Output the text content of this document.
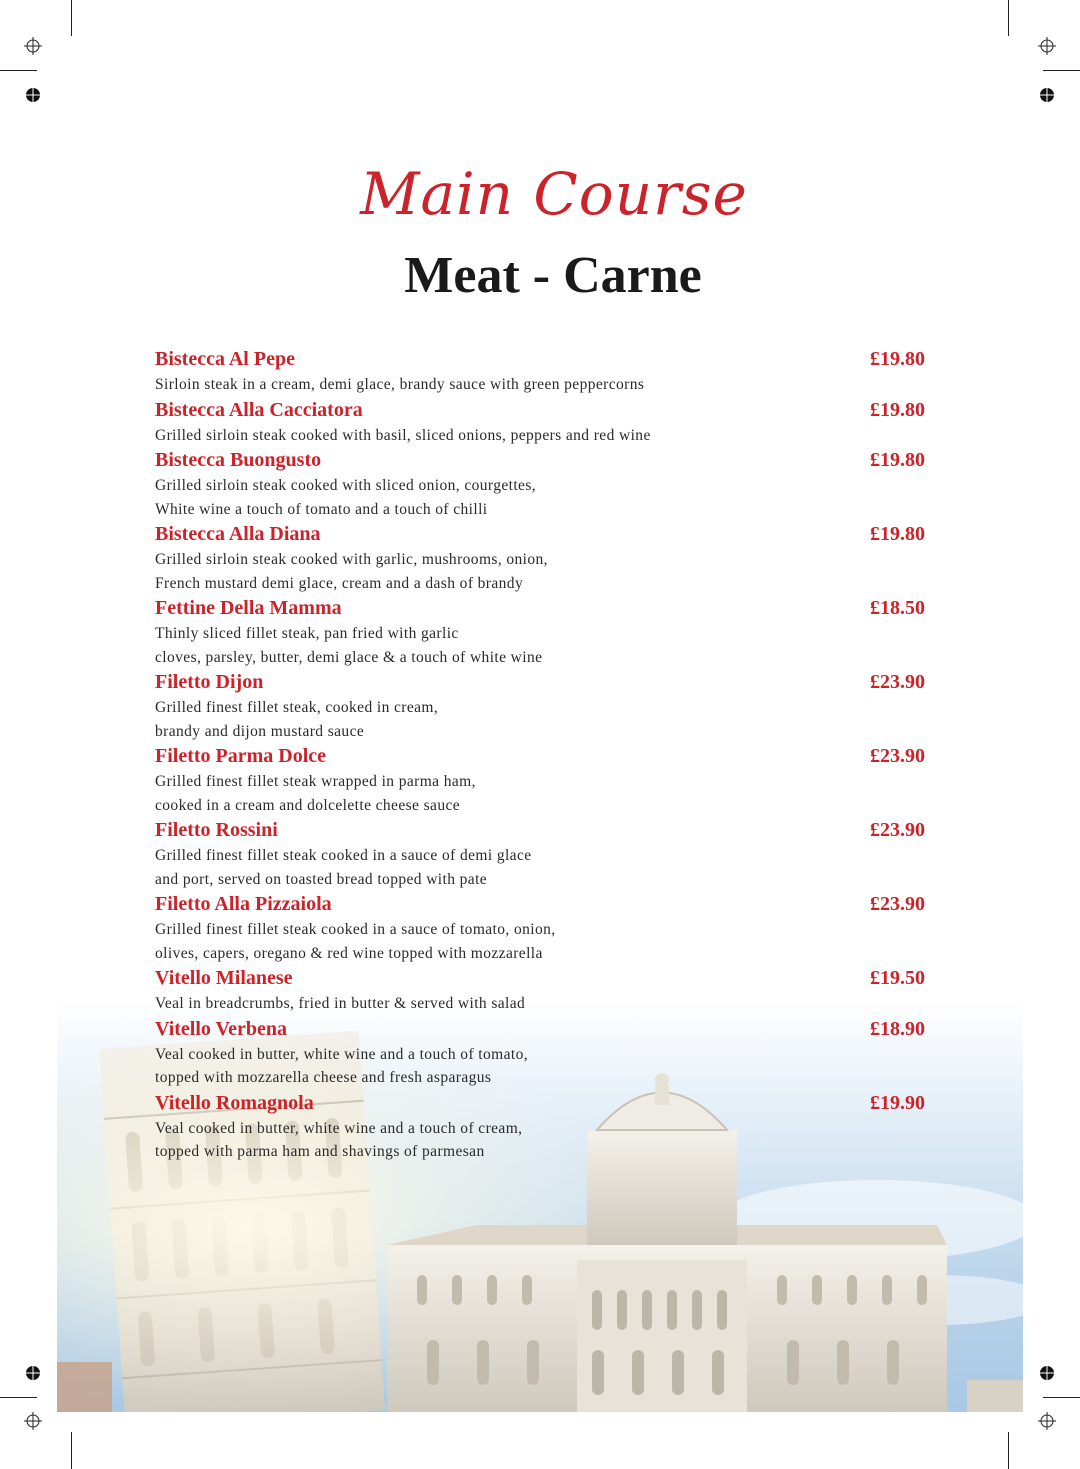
Main Course
Meat - Carne
Bistecca Al Pepe	£19.80
Sirloin steak in a cream, demi glace, brandy sauce with green peppercorns
Bistecca Alla Cacciatora	£19.80
Grilled sirloin steak cooked with basil, sliced onions, peppers and red wine
Bistecca Buongusto	£19.80
Grilled sirloin steak cooked with sliced onion, courgettes,
White wine a touch of tomato and a touch of chilli
Bistecca Alla Diana	£19.80
Grilled sirloin steak cooked with garlic, mushrooms, onion,
French mustard demi glace, cream and a dash of brandy
Fettine Della Mamma	£18.50
Thinly sliced fillet steak, pan fried with garlic
cloves, parsley, butter, demi glace & a touch of white wine
Filetto Dijon	£23.90
Grilled finest fillet steak, cooked in cream,
brandy and dijon mustard sauce
Filetto Parma Dolce	£23.90
Grilled finest fillet steak wrapped in parma ham,
cooked in a cream and dolcelette cheese sauce
Filetto Rossini	£23.90
Grilled finest fillet steak cooked in a sauce of demi glace
and port, served on toasted bread topped with pate
Filetto Alla Pizzaiola	£23.90
Grilled finest fillet steak cooked in a sauce of tomato, onion,
olives, capers, oregano & red wine topped with mozzarella
Vitello Milanese	£19.50
Veal in breadcrumbs, fried in butter & served with salad
Vitello Verbena	£18.90
Veal cooked in butter, white wine and a touch of tomato,
topped with mozzarella cheese and fresh asparagus
Vitello Romagnola	£19.90
Veal cooked in butter, white wine and a touch of cream,
topped with parma ham and shavings of parmesan
